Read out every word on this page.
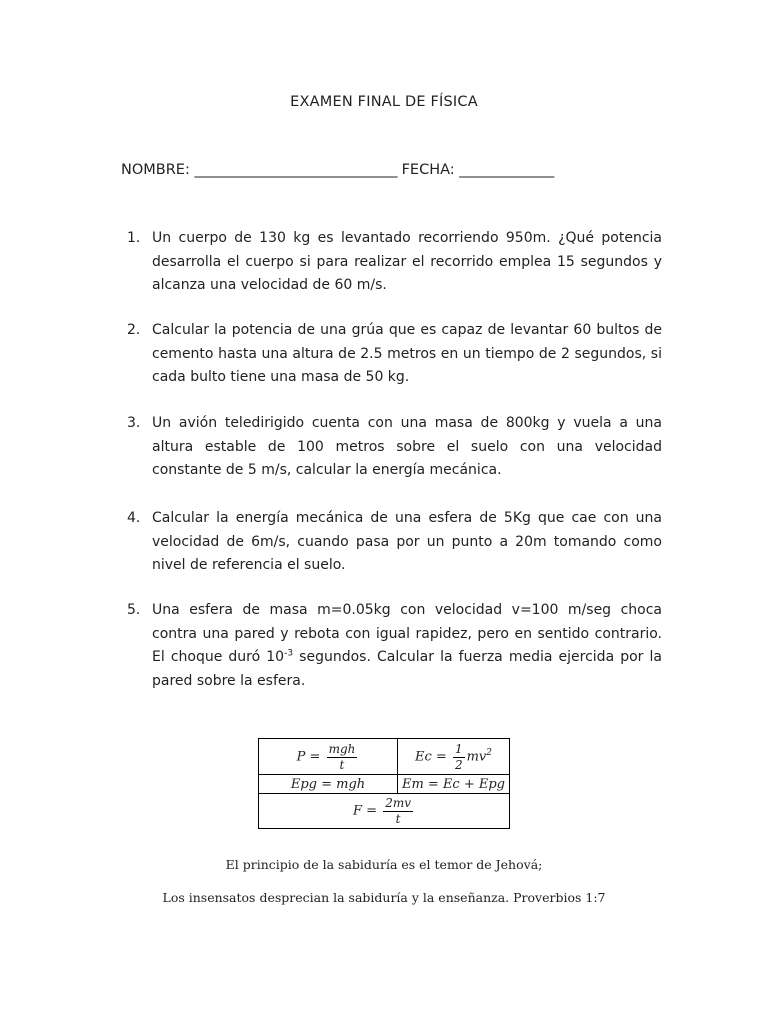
EXAMEN FINAL DE FÍSICA
NOMBRE: ______________________________ FECHA: ______________
1. Un cuerpo de 130 kg es levantado recorriendo 950m. ¿Qué potencia desarrolla el cuerpo si para realizar el recorrido emplea 15 segundos y alcanza una velocidad de 60 m/s.
2. Calcular la potencia de una grúa que es capaz de levantar 60 bultos de cemento hasta una altura de 2.5 metros en un tiempo de 2 segundos, si cada bulto tiene una masa de 50 kg.
3. Un avión teledirigido cuenta con una masa de 800kg y vuela a una altura estable de 100 metros sobre el suelo con una velocidad constante de 5 m/s, calcular la energía mecánica.
4. Calcular la energía mecánica de una esfera de 5Kg que cae con una velocidad de 6m/s, cuando pasa por un punto a 20m tomando como nivel de referencia el suelo.
5. Una esfera de masa m=0.05kg con velocidad v=100 m/seg choca contra una pared y rebota con igual rapidez, pero en sentido contrario. El choque duró $10^{-3}$ segundos. Calcular la fuerza media ejercida por la pared sobre la esfera.
$P = \frac{\text{mgh}}{t}$	$Ec = \frac{1}{2} mv^2$
Epg = mgh	Em = Ec + Epg
$F = \frac{2mv}{t}$
El principio de la sabiduría es el temor de Jehová;
Los insensatos desprecian la sabiduría y la enseñanza. Proverbios 1:7
